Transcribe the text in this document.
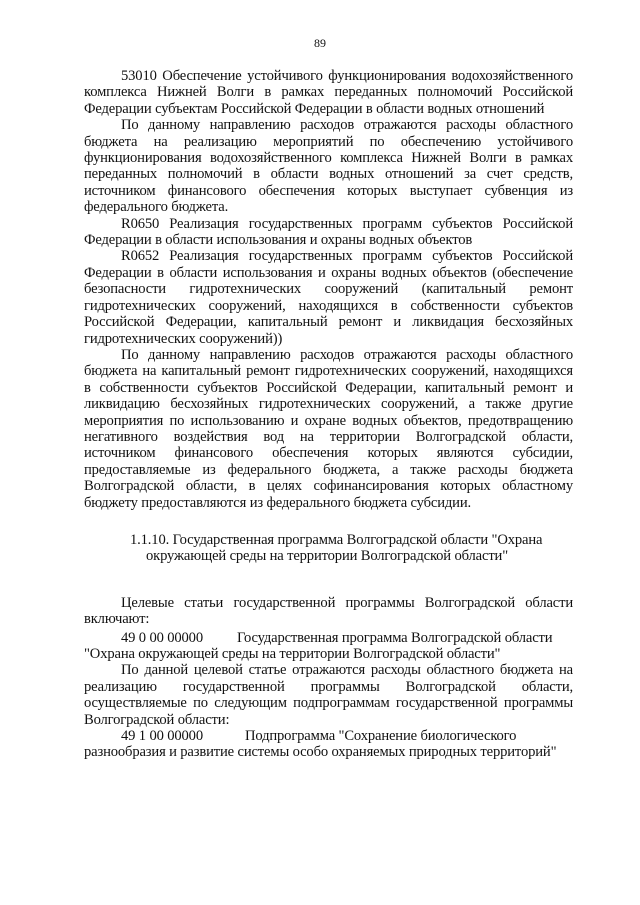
89

53010 Обеспечение устойчивого функционирования водохозяйственного комплекса Нижней Волги в рамках переданных полномочий Российской Федерации субъектам Российской Федерации в области водных отношений

По данному направлению расходов отражаются расходы областного бюджета на реализацию мероприятий по обеспечению устойчивого функционирования водохозяйственного комплекса Нижней Волги в рамках переданных полномочий в области водных отношений за счет средств, источником финансового обеспечения которых выступает субвенция из федерального бюджета.

R0650 Реализация государственных программ субъектов Российской Федерации в области использования и охраны водных объектов

R0652 Реализация государственных программ субъектов Российской Федерации в области использования и охраны водных объектов (обеспечение безопасности гидротехнических сооружений (капитальный ремонт гидротехнических сооружений, находящихся в собственности субъектов Российской Федерации, капитальный ремонт и ликвидация бесхозяйных гидротехнических сооружений))

По данному направлению расходов отражаются расходы областного бюджета на капитальный ремонт гидротехнических сооружений, находящихся в собственности субъектов Российской Федерации, капитальный ремонт и ликвидацию бесхозяйных гидротехнических сооружений, а также другие мероприятия по использованию и охране водных объектов, предотвращению негативного воздействия вод на территории Волгоградской области, источником финансового обеспечения которых являются субсидии, предоставляемые из федерального бюджета, а также расходы бюджета Волгоградской области, в целях софинансирования которых областному бюджету предоставляются из федерального бюджета субсидии.

1.1.10. Государственная программа Волгоградской области "Охрана
окружающей среды на территории Волгоградской области"

Целевые статьи государственной программы Волгоградской области включают:

49 0 00 00000 Государственная программа Волгоградской области

"Охрана окружающей среды на территории Волгоградской области"

По данной целевой статье отражаются расходы областного бюджета на реализацию государственной программы Волгоградской области, осуществляемые по следующим подпрограммам государственной программы Волгоградской области:

49 1 00 00000	Подпрограмма "Сохранение биологического

разнообразия и развитие системы особо охраняемых природных территорий"
